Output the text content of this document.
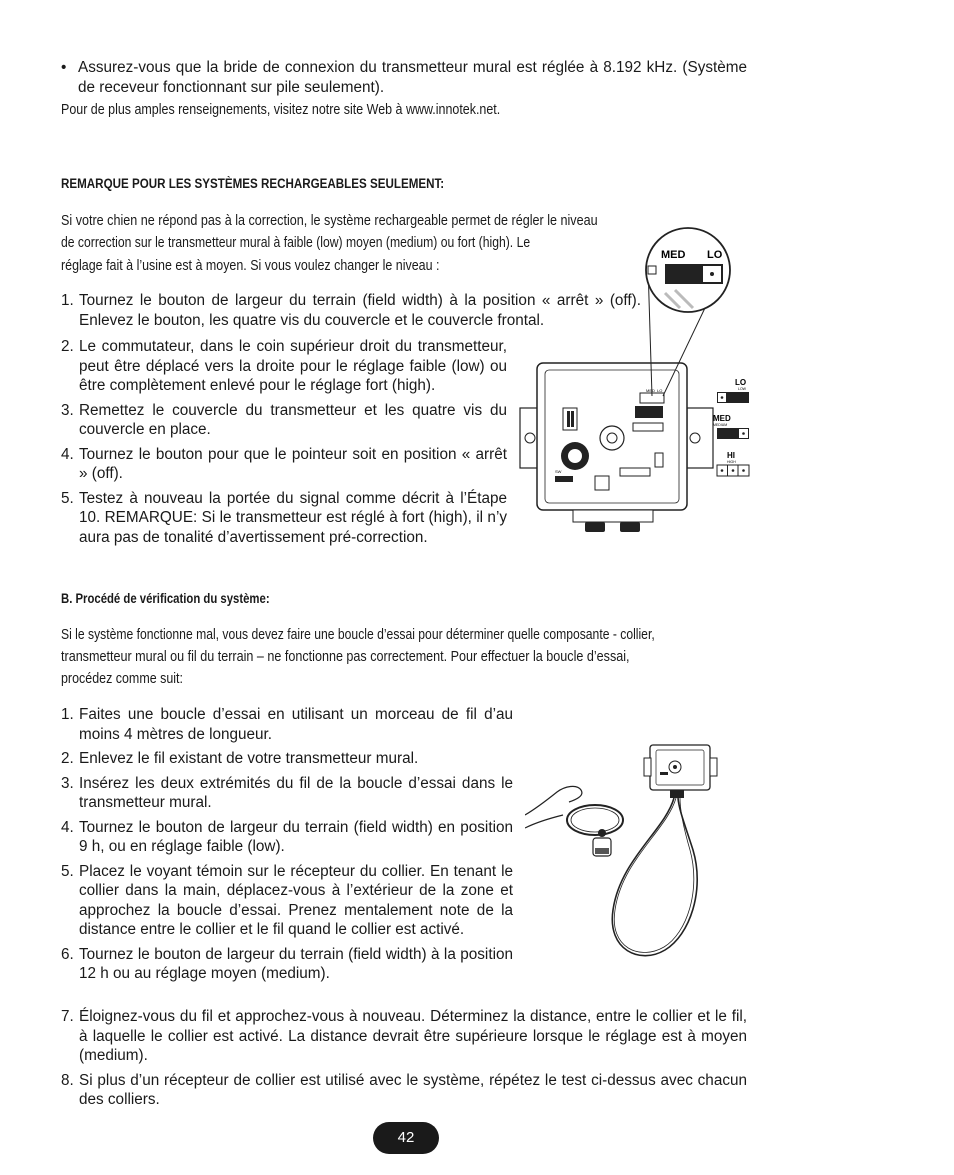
• Assurez-vous que la bride de connexion du transmetteur mural est réglée à 8.192 kHz. (Système de receveur fonctionnant sur pile seulement).
Pour de plus amples renseignements, visitez notre site Web à www.innotek.net.
REMARQUE POUR LES SYSTÈMES RECHARGEABLES SEULEMENT:
Si votre chien ne répond pas à la correction, le système rechargeable permet de régler le niveau
de correction sur le transmetteur mural à faible (low) moyen (medium) ou fort (high). Le
réglage fait à l’usine est à moyen. Si vous voulez changer le niveau :
1. Tournez le bouton de largeur du terrain (field width) à la position « arrêt » (off). Enlevez le bouton, les quatre vis du couvercle et le couvercle frontal.
2. Le commutateur, dans le coin supérieur droit du transmetteur, peut être déplacé vers la droite pour le réglage faible (low) ou être complètement enlevé pour le réglage fort (high).
3. Remettez le couvercle du transmetteur et les quatre vis du couvercle en place.
4. Tournez le bouton pour que le pointeur soit en position « arrêt » (off).
5. Testez à nouveau la portée du signal comme décrit à l’Étape 10. REMARQUE: Si le transmetteur est réglé à fort (high), il n’y aura pas de tonalité d’avertissement pré-correction.
SW
MED LO
MED LO
LO
LOW
MED
MEDIUM
HI
HIGH
B. Procédé de vérification du système:
Si le système fonctionne mal, vous devez faire une boucle d’essai pour déterminer quelle composante - collier,
transmetteur mural ou fil du terrain – ne fonctionne pas correctement. Pour effectuer la boucle d’essai,
procédez comme suit:
1. Faites une boucle d’essai en utilisant un morceau de fil d’au moins 4 mètres de longueur.
2. Enlevez le fil existant de votre transmetteur mural.
3. Insérez les deux extrémités du fil de la boucle d’essai dans le transmetteur mural.
4. Tournez le bouton de largeur du terrain (field width) en position 9 h, ou en réglage faible (low).
5. Placez le voyant témoin sur le récepteur du collier. En tenant le collier dans la main, déplacez-vous à l’extérieur de la zone et approchez la boucle d’essai. Prenez mentalement note de la distance entre le collier et le fil quand le collier est activé.
6. Tournez le bouton de largeur du terrain (field width) à la position 12 h ou au réglage moyen (medium).
7. Éloignez-vous du fil et approchez-vous à nouveau. Déterminez la distance, entre le collier et le fil, à laquelle le collier est activé. La distance devrait être supérieure lorsque le réglage est à moyen (medium).
8. Si plus d’un récepteur de collier est utilisé avec le système, répétez le test ci-dessus avec chacun des colliers.
42
